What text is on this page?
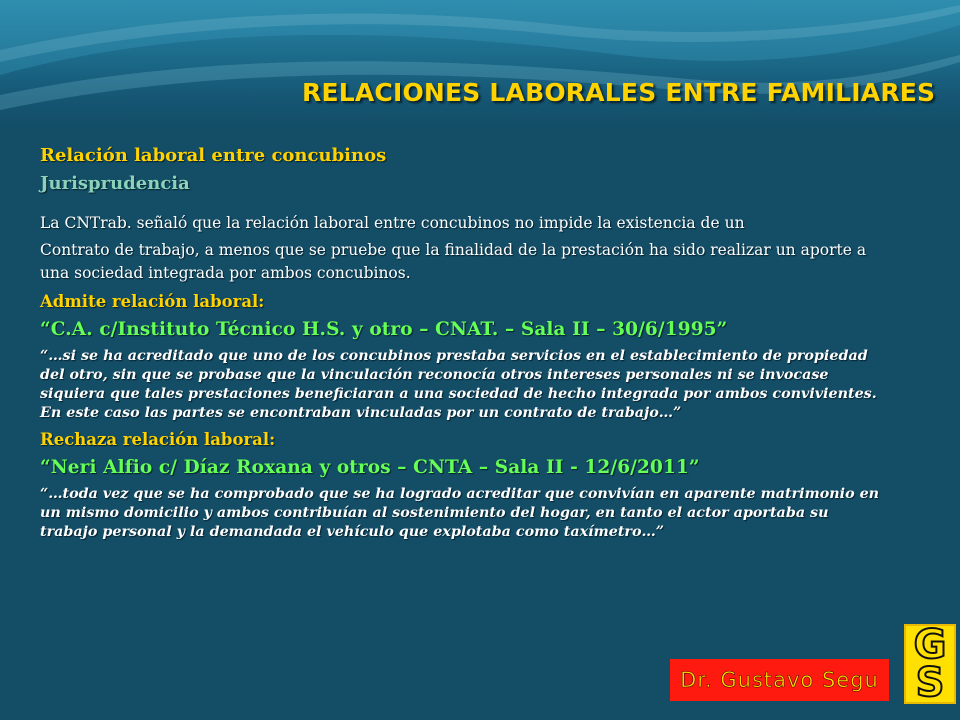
RELACIONES LABORALES ENTRE FAMILIARES
Relación laboral entre concubinos
Jurisprudencia
La CNTrab. señaló que la relación laboral entre concubinos no impide la existencia de un
Contrato de trabajo, a menos que se pruebe que la finalidad de la prestación ha sido realizar un aporte a una sociedad integrada por ambos concubinos.
Admite relación laboral:
“C.A. c/Instituto Técnico H.S. y otro – CNAT. – Sala II – 30/6/1995”
“…si se ha acreditado que uno de los concubinos prestaba servicios en el establecimiento de propiedad del otro, sin que se probase que la vinculación reconocía otros intereses personales ni se invocase siquiera que tales prestaciones beneficiaran a una sociedad de hecho integrada por ambos convivientes. En este caso las partes se encontraban vinculadas por un contrato de trabajo…”
Rechaza relación laboral:
“Neri Alfio c/ Díaz Roxana y otros – CNTA – Sala II - 12/6/2011”
“…toda vez que se ha comprobado que se ha logrado acreditar que convivían en aparente matrimonio en un mismo domicilio y ambos contribuían al sostenimiento del hogar, en tanto el actor aportaba su trabajo personal y la demandada el vehículo que explotaba como taxímetro…”
G
S
Dr. Gustavo Segu
